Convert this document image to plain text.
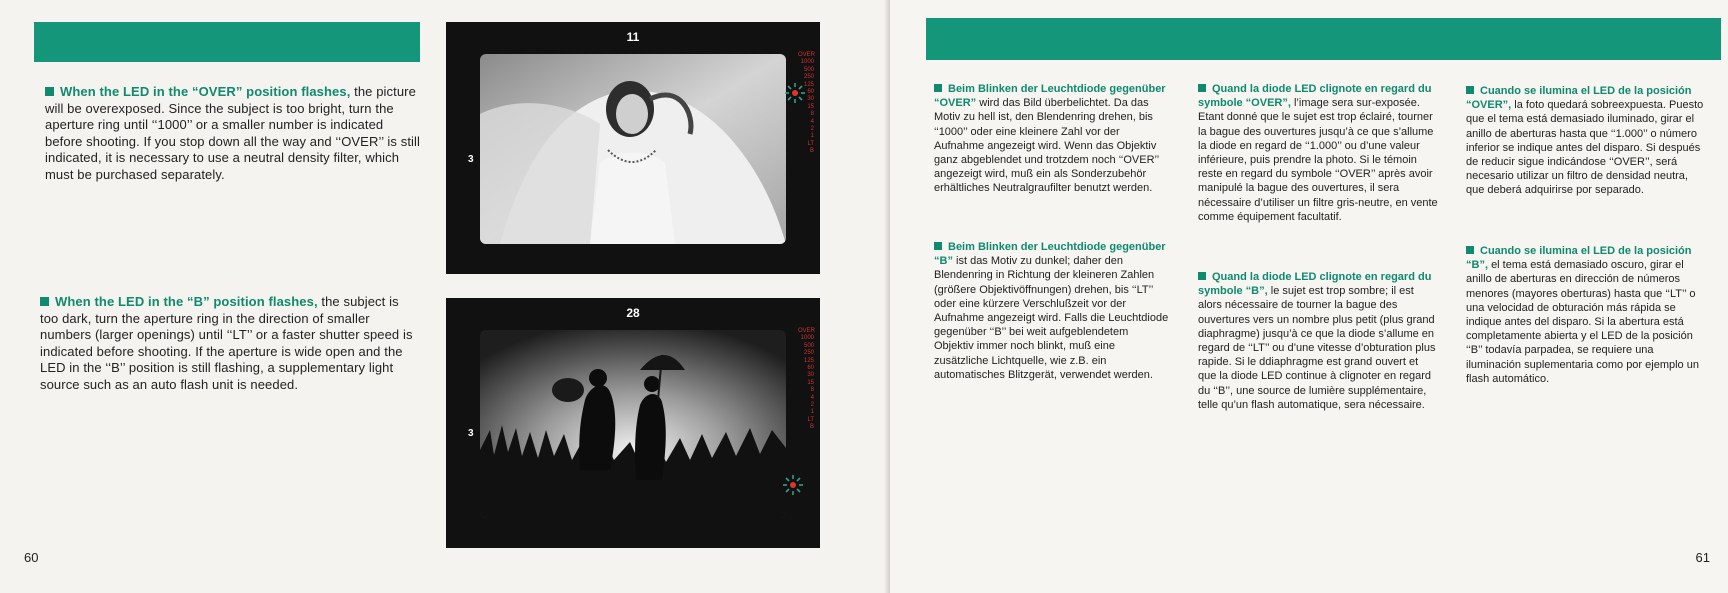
When the LED in the “OVER” position flashes, the picture will be overexposed. Since the subject is too bright, turn the aperture ring until ‘‘1000’’ or a smaller number is indicated before shooting. If you stop down all the way and ‘‘OVER’’ is still indicated, it is necessary to use a neutral density filter, which must be purchased separately.

When the LED in the “B” position flashes, the subject is too dark, turn the aperture ring in the direction of smaller numbers (larger openings) until ‘‘LT’’ or a faster shutter speed is indicated before shooting. If the aperture is wide open and the LED in the ‘‘B’’ position is still flashing, a supplementary light source such as an auto flash unit is needed.

11
3
OVER
1000
500
250
125
60
30
15
8
4
2
1
LT
B
28
3
OVER
1000
500
250
125
60
30
15
8
4
2
1
LT
B
60

Beim Blinken der Leuchtdiode gegenüber “OVER” wird das Bild überbelichtet. Da das Motiv zu hell ist, den Blendenring drehen, bis ‘‘1000’’ oder eine kleinere Zahl vor der Aufnahme angezeigt wird. Wenn das Objektiv ganz abgeblendet und trotzdem noch ‘‘OVER’’ angezeigt wird, muß ein als Sonderzubehör erhältliches Neutralgraufilter benutzt werden.

Beim Blinken der Leuchtdiode gegenüber “B” ist das Motiv zu dunkel; daher den Blendenring in Richtung der kleineren Zahlen (größere Objektivöffnungen) drehen, bis ‘‘LT’’ oder eine kürzere Verschlußzeit vor der Aufnahme angezeigt wird. Falls die Leuchtdiode gegenüber ‘‘B’’ bei weit aufgeblendetem Objektiv immer noch blinkt, muß eine zusätzliche Lichtquelle, wie z.B. ein automatisches Blitzgerät, verwendet werden.

Quand la diode LED clignote en regard du symbole “OVER”, l’image sera sur-exposée. Etant donné que le sujet est trop éclairé, tourner la bague des ouvertures jusqu’à ce que s’allume la diode en regard de ‘‘1.000’’ ou d’une valeur inférieure, puis prendre la photo. Si le témoin reste en regard du symbole ‘‘OVER’’ après avoir manipulé la bague des ouvertures, il sera nécessaire d’utiliser un filtre gris-neutre, en vente comme équipement facultatif.

Quand la diode LED clignote en regard du symbole “B”, le sujet est trop sombre; il est alors nécessaire de tourner la bague des ouvertures vers un nombre plus petit (plus grand diaphragme) jusqu’à ce que la diode s’allume en regard de ‘‘LT’’ ou d’une vitesse d’obturation plus rapide. Si le ddiaphragme est grand ouvert et que la diode LED continue à clignoter en regard du ‘‘B’’, une source de lumière supplémentaire, telle qu’un flash automatique, sera nécessaire.

Cuando se ilumina el LED de la posición “OVER”, la foto quedará sobreexpuesta. Puesto que el tema está demasiado iluminado, girar el anillo de aberturas hasta que ‘‘1.000’’ o número inferior se indique antes del disparo. Si después de reducir sigue indicándose ‘‘OVER’’, será necesario utilizar un filtro de densidad neutra, que deberá adquirirse por separado.

Cuando se ilumina el LED de la posición “B”, el tema está demasiado oscuro, girar el anillo de aberturas en dirección de números menores (mayores oberturas) hasta que ‘‘LT’’ o una velocidad de obturación más rápida se indique antes del disparo. Si la abertura está completamente abierta y el LED de la posición ‘‘B’’ todavía parpadea, se requiere una iluminación suplementaria como por ejemplo un flash automático.

61
